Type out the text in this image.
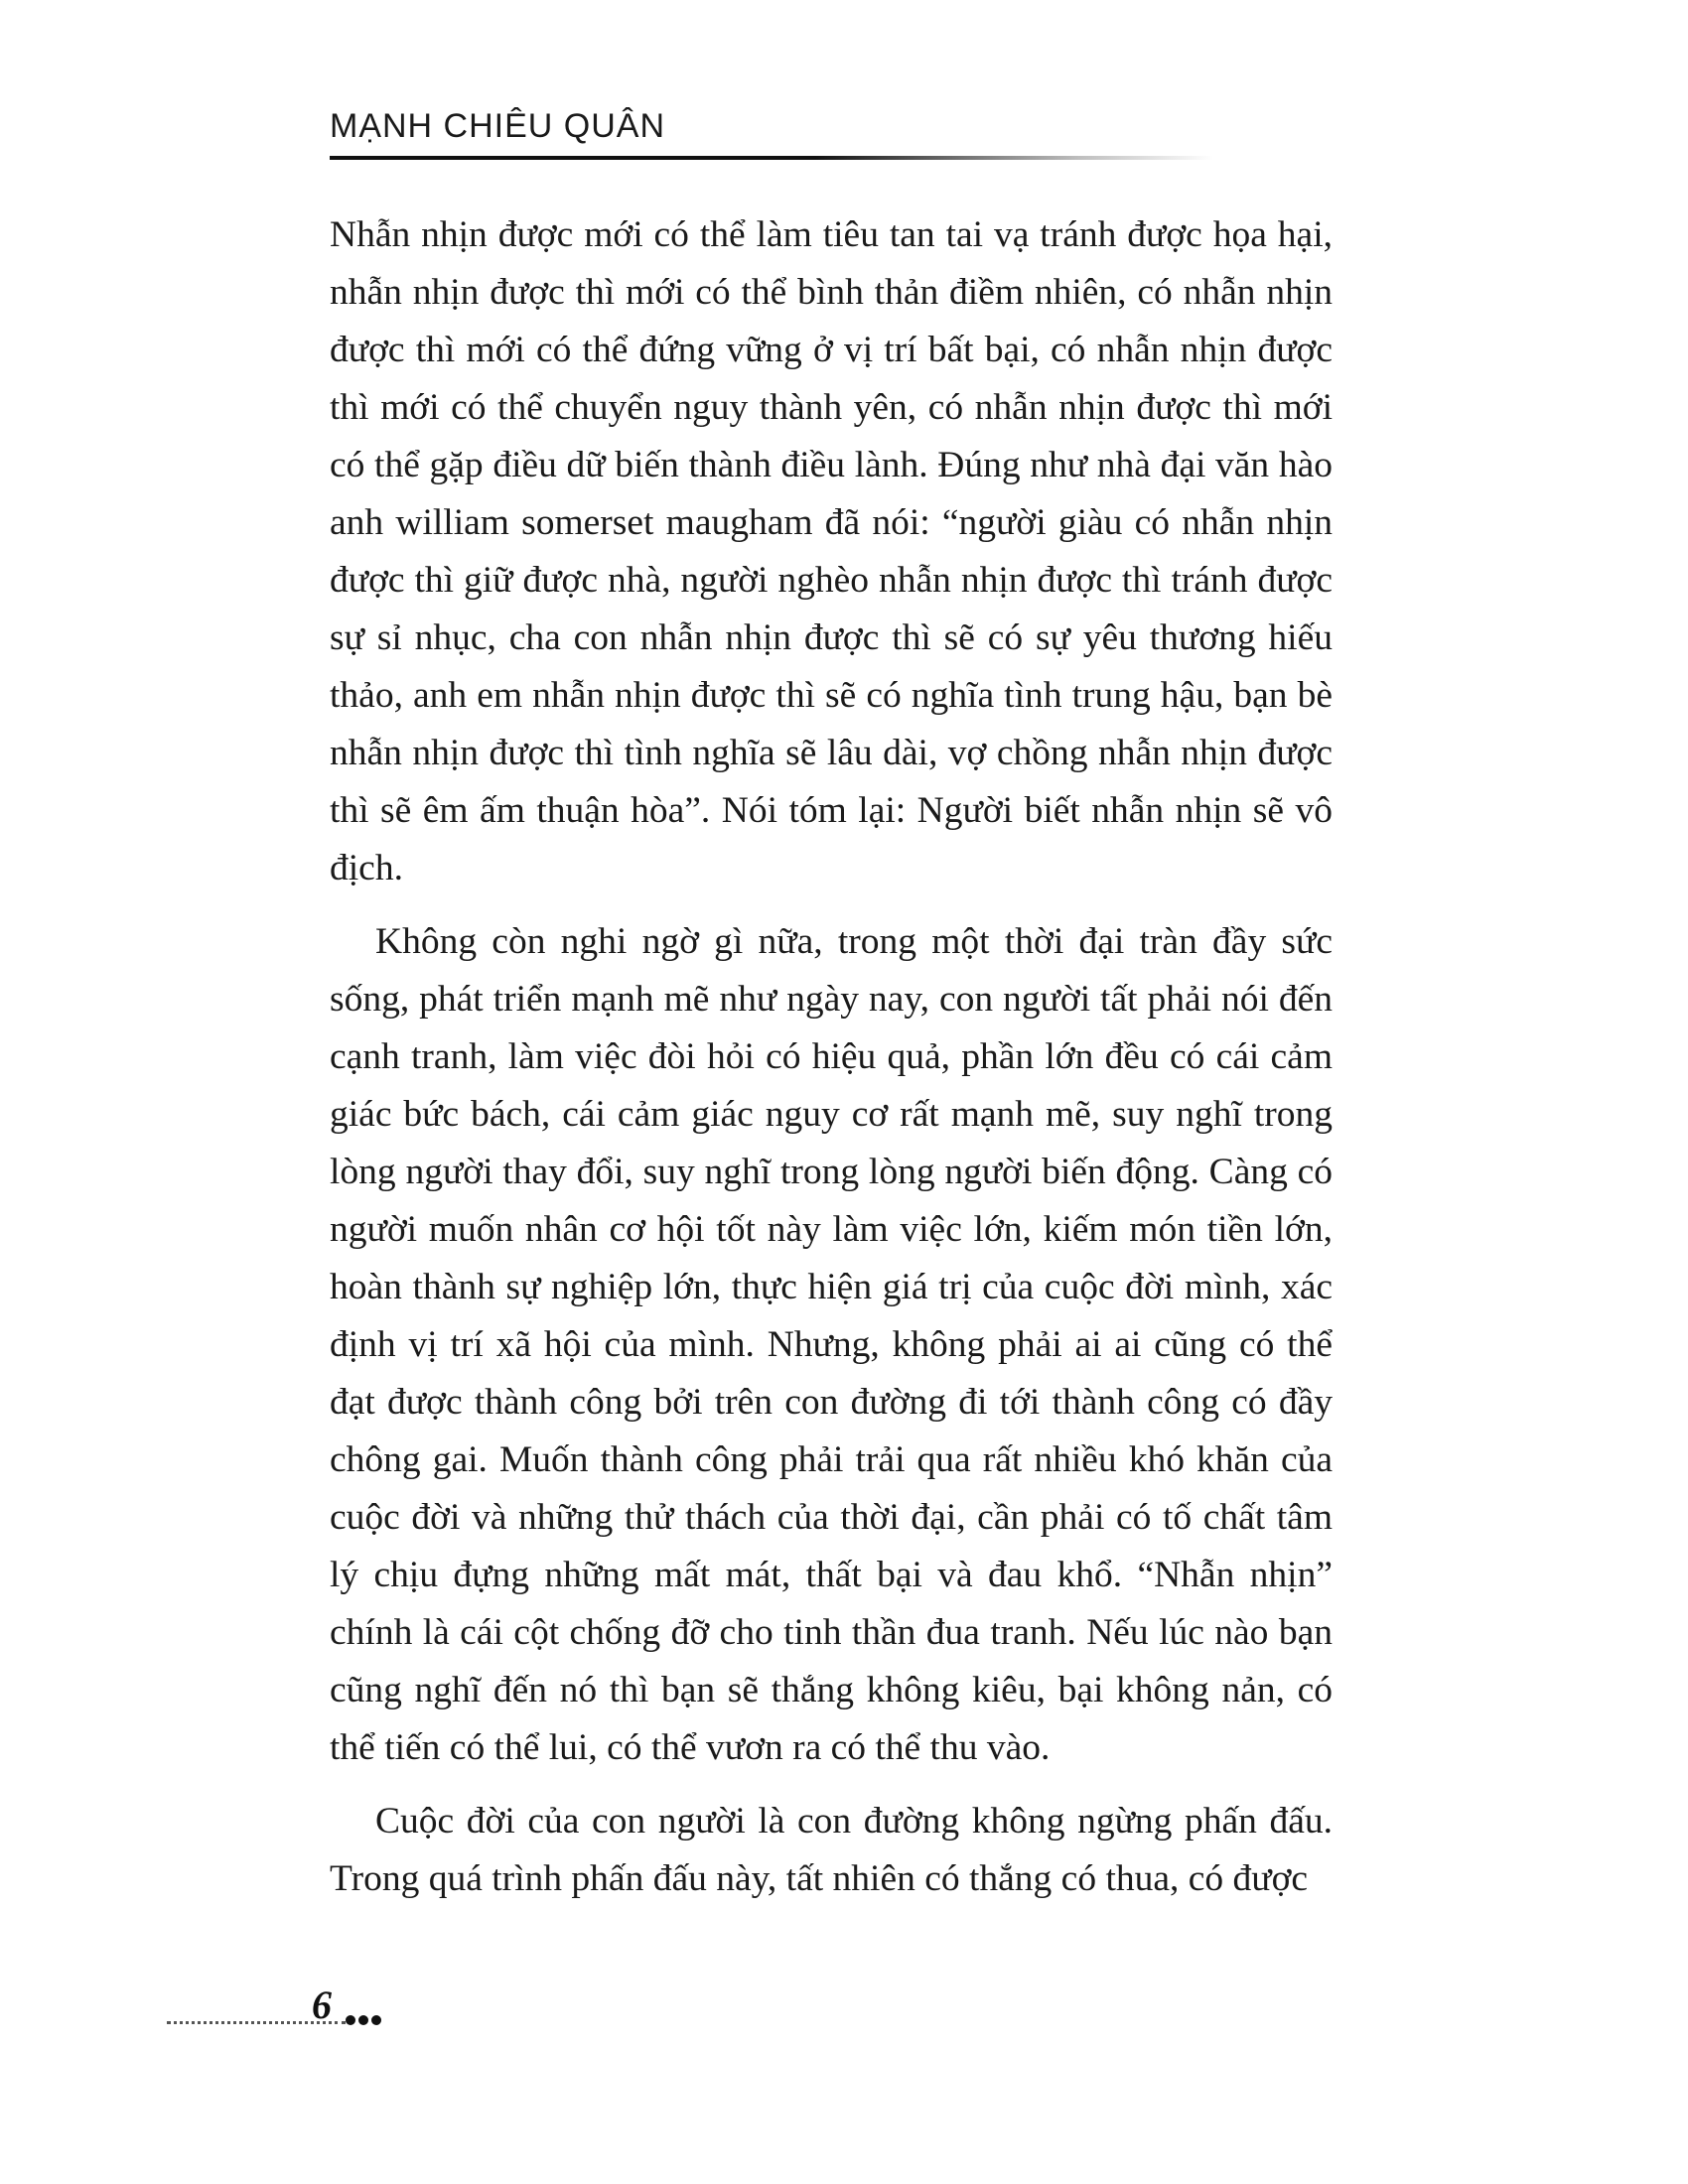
MẠNH CHIÊU QUÂN

Nhẫn nhịn được mới có thể làm tiêu tan tai vạ tránh được họa hại, nhẫn nhịn được thì mới có thể bình thản điềm nhiên, có nhẫn nhịn được thì mới có thể đứng vững ở vị trí bất bại, có nhẫn nhịn được thì mới có thể chuyển nguy thành yên, có nhẫn nhịn được thì mới có thể gặp điều dữ biến thành điều lành. Đúng như nhà đại văn hào anh william somerset maugham đã nói: “người giàu có nhẫn nhịn được thì giữ được nhà, người nghèo nhẫn nhịn được thì tránh được sự sỉ nhục, cha con nhẫn nhịn được thì sẽ có sự yêu thương hiếu thảo, anh em nhẫn nhịn được thì sẽ có nghĩa tình trung hậu, bạn bè nhẫn nhịn được thì tình nghĩa sẽ lâu dài, vợ chồng nhẫn nhịn được thì sẽ êm ấm thuận hòa”. Nói tóm lại: Người biết nhẫn nhịn sẽ vô địch.

Không còn nghi ngờ gì nữa, trong một thời đại tràn đầy sức sống, phát triển mạnh mẽ như ngày nay, con người tất phải nói đến cạnh tranh, làm việc đòi hỏi có hiệu quả, phần lớn đều có cái cảm giác bức bách, cái cảm giác nguy cơ rất mạnh mẽ, suy nghĩ trong lòng người thay đổi, suy nghĩ trong lòng người biến động. Càng có người muốn nhân cơ hội tốt này làm việc lớn, kiếm món tiền lớn, hoàn thành sự nghiệp lớn, thực hiện giá trị của cuộc đời mình, xác định vị trí xã hội của mình. Nhưng, không phải ai ai cũng có thể đạt được thành công bởi trên con đường đi tới thành công có đầy chông gai. Muốn thành công phải trải qua rất nhiều khó khăn của cuộc đời và những thử thách của thời đại, cần phải có tố chất tâm lý chịu đựng những mất mát, thất bại và đau khổ. “Nhẫn nhịn” chính là cái cột chống đỡ cho tinh thần đua tranh. Nếu lúc nào bạn cũng nghĩ đến nó thì bạn sẽ thắng không kiêu, bại không nản, có thể tiến có thể lui, có thể vươn ra có thể thu vào.

Cuộc đời của con người là con đường không ngừng phấn đấu. Trong quá trình phấn đấu này, tất nhiên có thắng có thua, có được

6
